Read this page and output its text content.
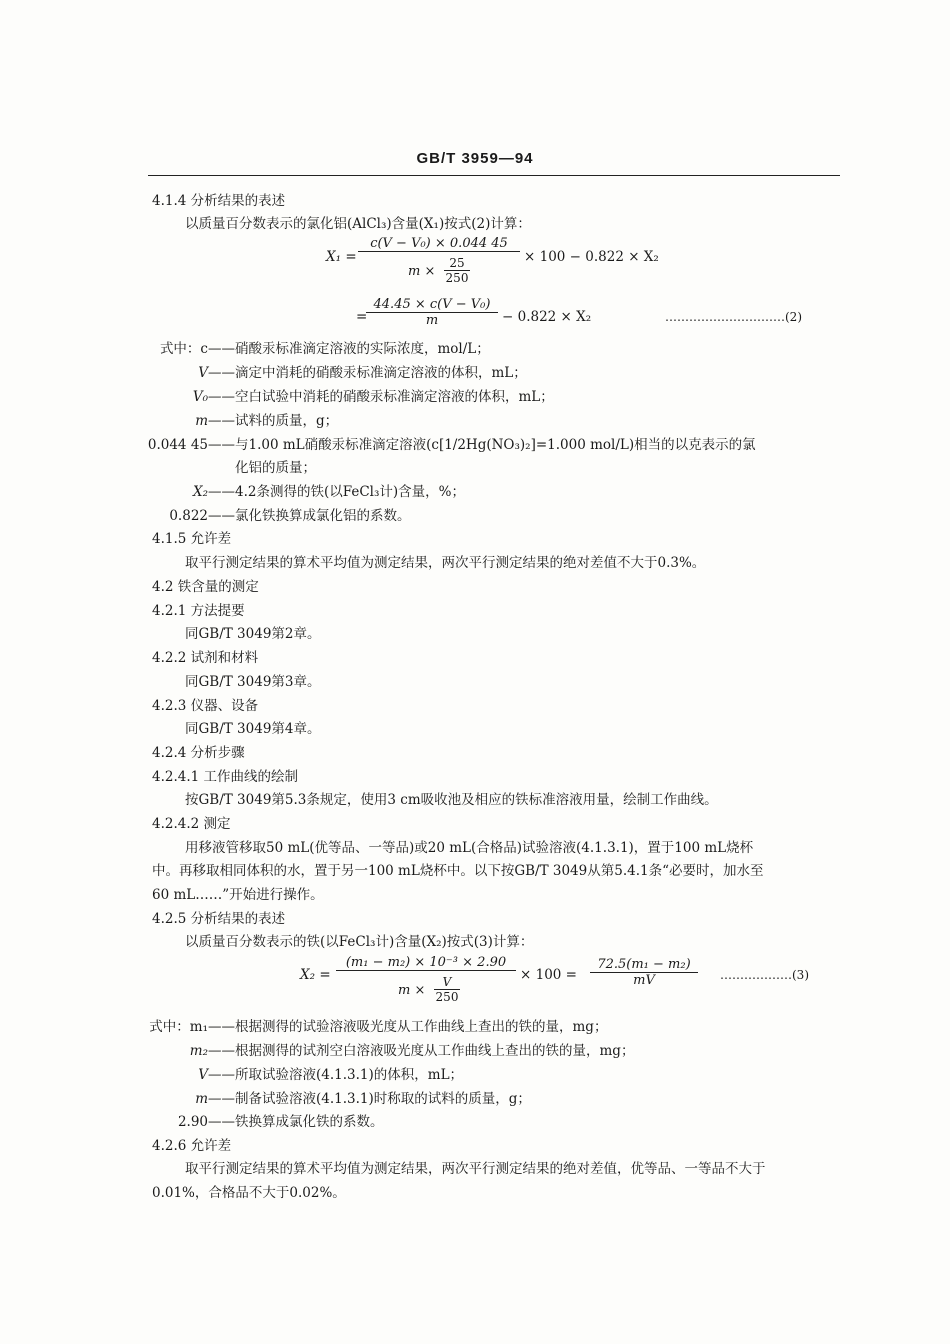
GB/T 3959—94
4.1.4 分析结果的表述
以质量百分数表示的氯化铝(AlCl₃)含量(X₁)按式(2)计算：
X₁ =
c(V − V₀) × 0.044 45
$m \times \frac{25}{250}$	× 100 − 0.822 × X₂
=
$\frac{\text{44.45 × c(V − V₀)}}{m} - 0.822 \times X_2$	…………………………(2)
式中：c—— 硝酸汞标准滴定溶液的实际浓度，mol/L；
V—— 滴定中消耗的硝酸汞标准滴定溶液的体积，mL；
V₀—— 空白试验中消耗的硝酸汞标准滴定溶液的体积，mL；
m—— 试料的质量，g；
0.044 45—— 与1.00 mL硝酸汞标准滴定溶液(c[1/2Hg(NO₃)₂]=1.000 mol/L)相当的以克表示的氯
化铝的质量；
X₂—— 4.2条测得的铁(以FeCl₃计)含量，%；
0.822—— 氯化铁换算成氯化铝的系数。
4.1.5 允许差
取平行测定结果的算术平均值为测定结果，两次平行测定结果的绝对差值不大于0.3%。
4.2 铁含量的测定
4.2.1 方法提要
同GB/T 3049第2章。
4.2.2 试剂和材料
同GB/T 3049第3章。
4.2.3 仪器、设备
同GB/T 3049第4章。
4.2.4 分析步骤
4.2.4.1 工作曲线的绘制
按GB/T 3049第5.3条规定，使用3 cm吸收池及相应的铁标准溶液用量，绘制工作曲线。
4.2.4.2 测定
用移液管移取50 mL(优等品、一等品)或20 mL(合格品)试验溶液(4.1.3.1)，置于100 mL烧杯
中。再移取相同体积的水，置于另一100 mL烧杯中。以下按GB/T 3049从第5.4.1条“必要时，加水至
60 mL……”开始进行操作。
4.2.5 分析结果的表述
以质量百分数表示的铁(以FeCl₃计)含量(X₂)按式(3)计算：
X₂ =
(m₁ − m₂) × 10⁻³ × 2.90
$m \times \frac{V}{250}$	× $100 = \frac{\text{72.5(m₁ − m₂)}}{mV}$ ………………(3)
式中：m₁—— 根据测得的试验溶液吸光度从工作曲线上查出的铁的量，mg；
m₂—— 根据测得的试剂空白溶液吸光度从工作曲线上查出的铁的量，mg；
V—— 所取试验溶液(4.1.3.1)的体积，mL；
m—— 制备试验溶液(4.1.3.1)时称取的试料的质量，g；
2.90—— 铁换算成氯化铁的系数。
4.2.6 允许差
取平行测定结果的算术平均值为测定结果，两次平行测定结果的绝对差值，优等品、一等品不大于
0.01%，合格品不大于0.02%。
